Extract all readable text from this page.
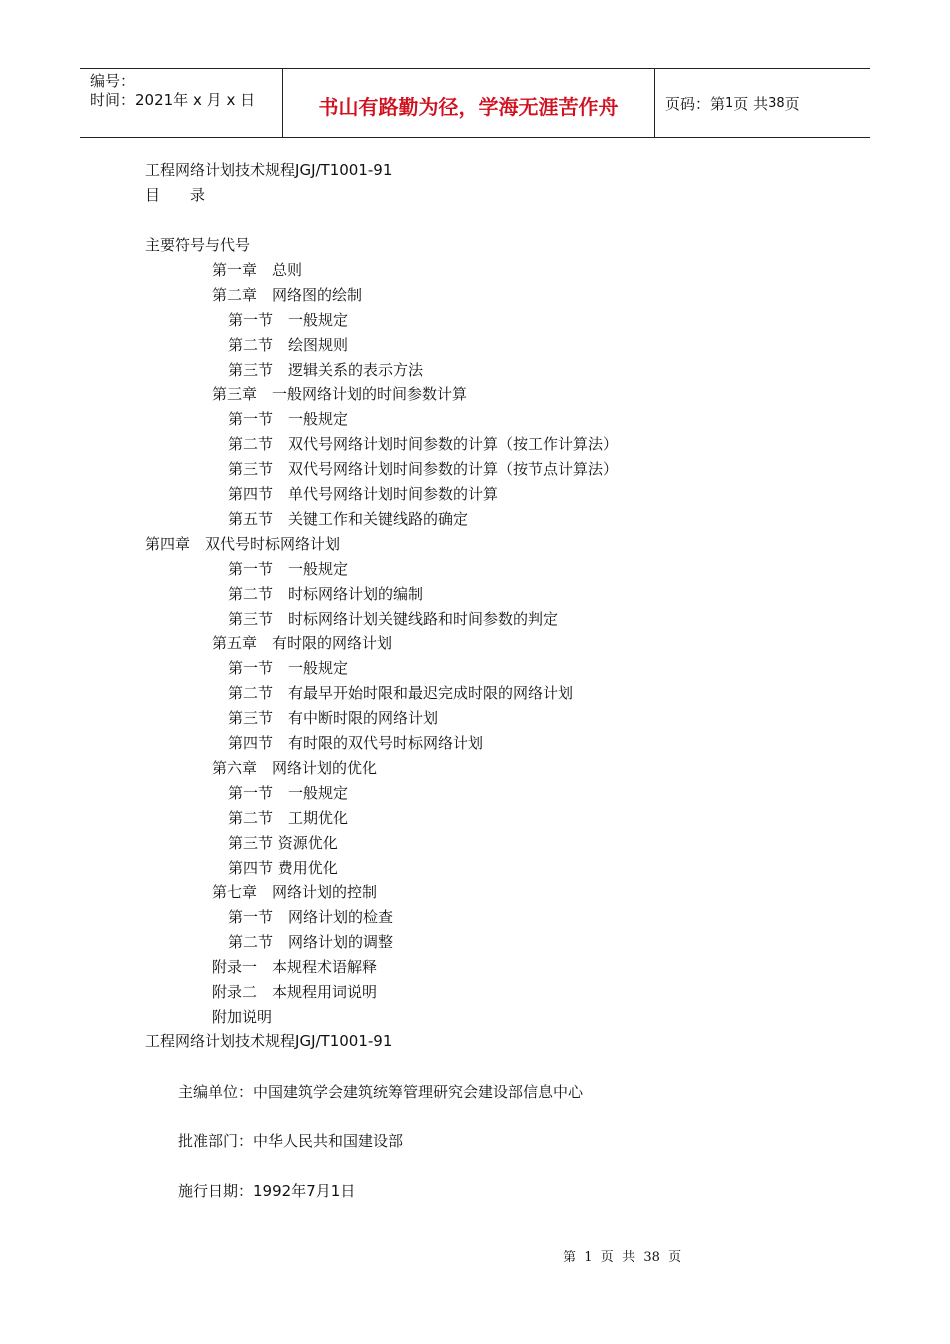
编号：
时间：2021年 x 月 x 日	书山有路勤为径，学海无涯苦作舟	页码：第 1 页 共 38 页
工程网络计划技术规程JGJ/T1001-91
目　　录
主要符号与代号
第一章　总则
第二章　网络图的绘制
第一节　一般规定
第二节　绘图规则
第三节　逻辑关系的表示方法
第三章　一般网络计划的时间参数计算
第一节　一般规定
第二节　双代号网络计划时间参数的计算（按工作计算法）
第三节　双代号网络计划时间参数的计算（按节点计算法）
第四节　单代号网络计划时间参数的计算
第五节　关键工作和关键线路的确定
第四章　双代号时标网络计划
第一节　一般规定
第二节　时标网络计划的编制
第三节　时标网络计划关键线路和时间参数的判定
第五章　有时限的网络计划
第一节　一般规定
第二节　有最早开始时限和最迟完成时限的网络计划
第三节　有中断时限的网络计划
第四节　有时限的双代号时标网络计划
第六章　网络计划的优化
第一节　一般规定
第二节　工期优化
第三节 资源优化
第四节 费用优化
第七章　网络计划的控制
第一节　网络计划的检查
第二节　网络计划的调整
附录一　本规程术语解释
附录二　本规程用词说明
附加说明
工程网络计划技术规程JGJ/T1001-91
主编单位：中国建筑学会建筑统筹管理研究会建设部信息中心
批准部门：中华人民共和国建设部
施行日期：1992年7月1日
第  1  页  共  38  页
